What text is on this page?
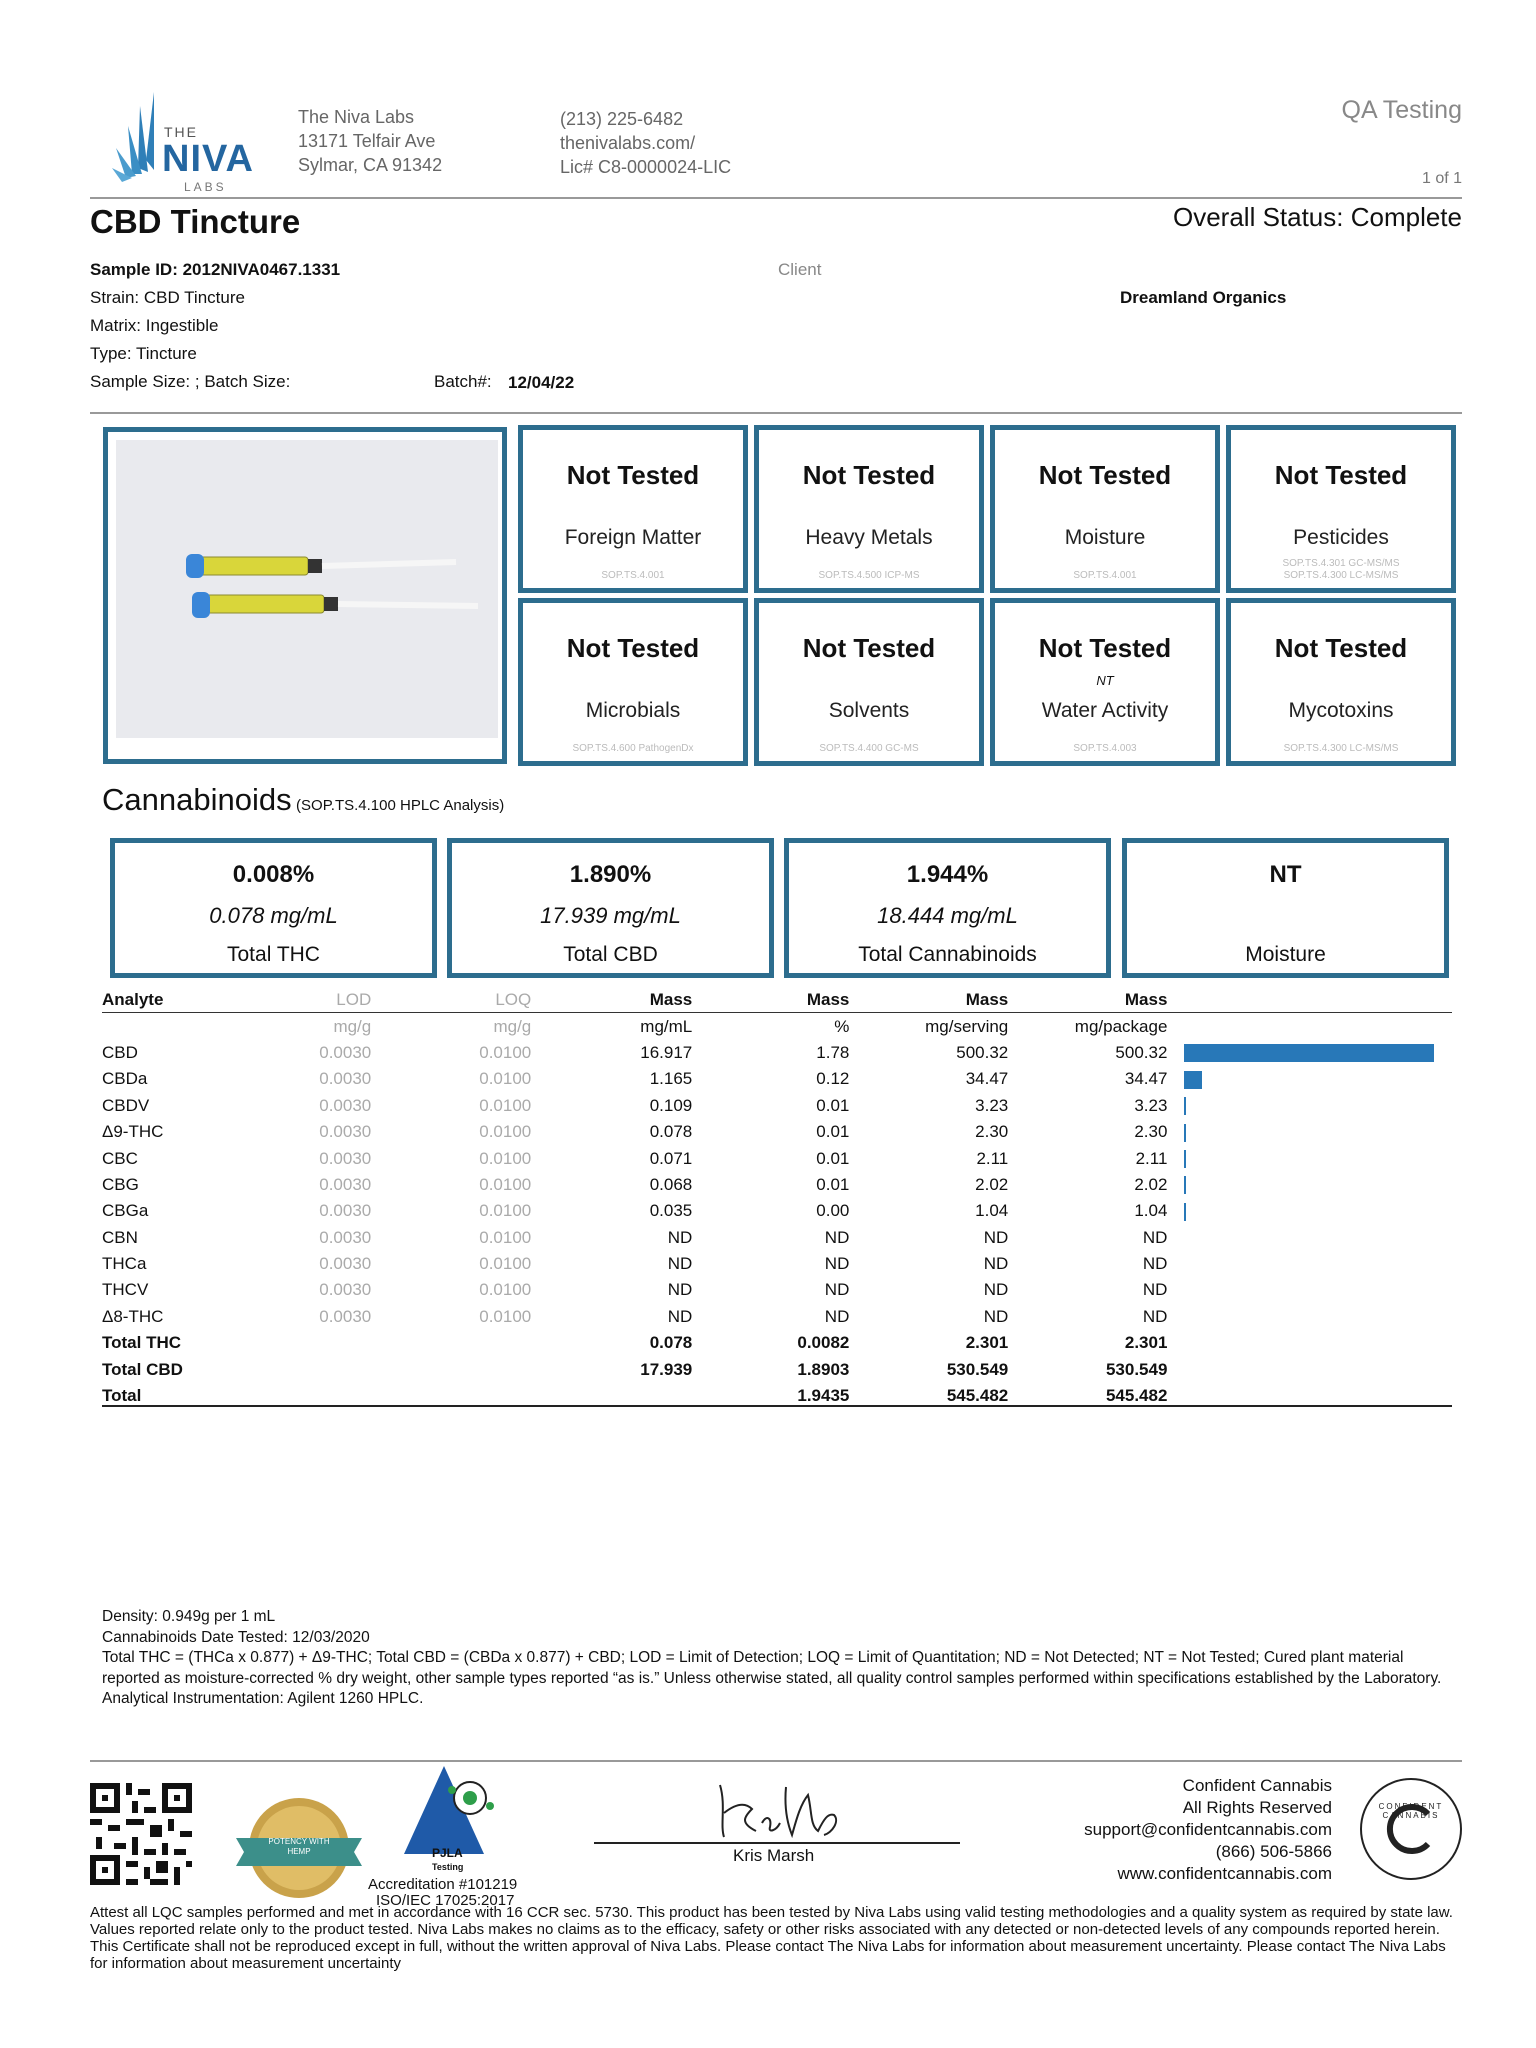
THE
NIVA
LABS
The Niva Labs
13171 Telfair Ave
Sylmar, CA 91342
(213) 225-6482
thenivalabs.com/
Lic# C8-0000024-LIC
QA Testing
1 of 1
CBD Tincture	Overall Status: Complete
Sample ID: 2012NIVA0467.1331
Strain: CBD Tincture
Matrix: Ingestible
Type: Tincture
Sample Size: ; Batch Size:	Batch#: 12/04/22
Client
Dreamland Organics
Not Tested
Foreign Matter
SOP.TS.4.001
Not Tested
Heavy Metals
SOP.TS.4.500 ICP-MS
Not Tested
Moisture
SOP.TS.4.001
Not Tested
Pesticides
SOP.TS.4.301 GC-MS/MS
SOP.TS.4.300 LC-MS/MS
Not Tested
Microbials
SOP.TS.4.600 PathogenDx
Not Tested
Solvents
SOP.TS.4.400 GC-MS
Not Tested
NT
Water Activity
SOP.TS.4.003
Not Tested
Mycotoxins
SOP.TS.4.300 LC-MS/MS
Cannabinoids (SOP.TS.4.100 HPLC Analysis)
0.008%
0.078 mg/mL
Total THC
1.890%
17.939 mg/mL
Total CBD
1.944%
18.444 mg/mL
Total Cannabinoids
NT
Moisture
Analyte	LOD	LOQ	Mass	Mass	Mass	Mass	
	mg/g	mg/g	mg/mL	%	mg/serving	mg/package	
CBD	0.0030	0.0100	16.917	1.78	500.32	500.32	
CBDa	0.0030	0.0100	1.165	0.12	34.47	34.47	
CBDV	0.0030	0.0100	0.109	0.01	3.23	3.23	
Δ9-THC	0.0030	0.0100	0.078	0.01	2.30	2.30	
CBC	0.0030	0.0100	0.071	0.01	2.11	2.11	
CBG	0.0030	0.0100	0.068	0.01	2.02	2.02	
CBGa	0.0030	0.0100	0.035	0.00	1.04	1.04	
CBN	0.0030	0.0100	ND	ND	ND	ND	
THCa	0.0030	0.0100	ND	ND	ND	ND	
THCV	0.0030	0.0100	ND	ND	ND	ND	
Δ8-THC	0.0030	0.0100	ND	ND	ND	ND	
Total THC			0.078	0.0082	2.301	2.301	
Total CBD			17.939	1.8903	530.549	530.549	
Total				1.9435	545.482	545.482	
Density: 0.949g per 1 mL
Cannabinoids Date Tested: 12/03/2020
Total THC = (THCa x 0.877) + Δ9-THC; Total CBD = (CBDa x 0.877) + CBD; LOD = Limit of Detection; LOQ = Limit of Quantitation; ND = Not Detected; NT = Not Tested; Cured plant material reported as moisture-corrected % dry weight, other sample types reported “as is.” Unless otherwise stated, all quality control samples performed within specifications established by the Laboratory. Analytical Instrumentation: Agilent 1260 HPLC.
POTENCY WITH HEMP	PJLA
Testing
Accreditation #101219
ISO/IEC 17025:2017
Kris Marsh
Confident Cannabis
All Rights Reserved
support@confidentcannabis.com
(866) 506-5866
www.confidentcannabis.com
CONFIDENT CANNABIS
Attest all LQC samples performed and met in accordance with 16 CCR sec. 5730. This product has been tested by Niva Labs using valid testing methodologies and a quality system as required by state law. Values reported relate only to the product tested. Niva Labs makes no claims as to the efficacy, safety or other risks associated with any detected or non-detected levels of any compounds reported herein. This Certificate shall not be reproduced except in full, without the written approval of Niva Labs. Please contact The Niva Labs for information about measurement uncertainty. Please contact The Niva Labs for information about measurement uncertainty
